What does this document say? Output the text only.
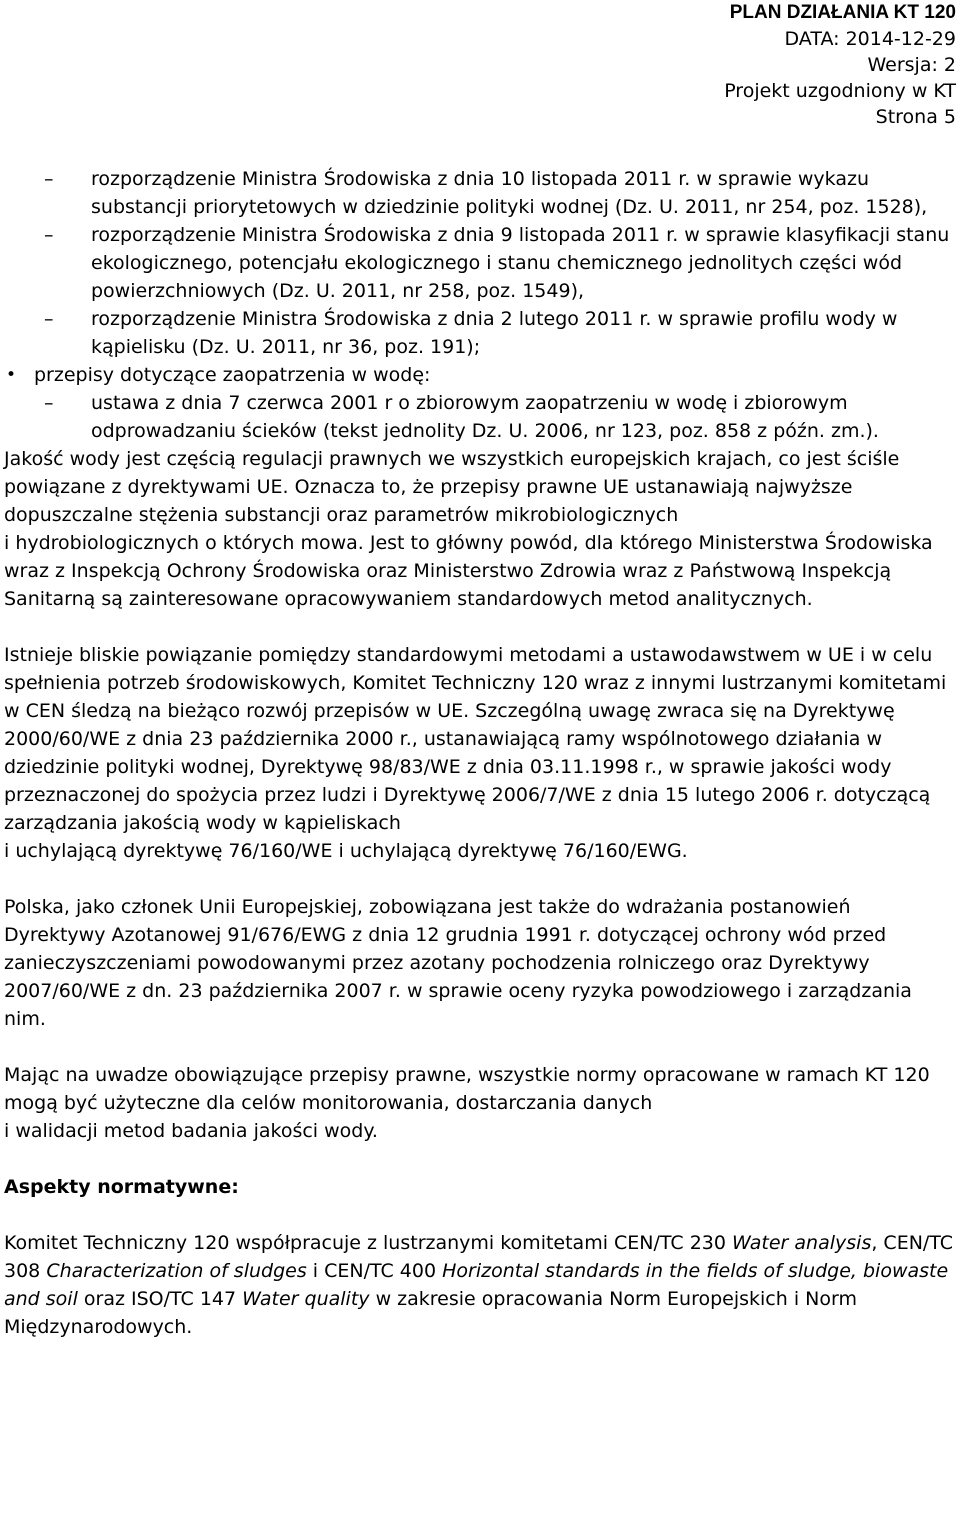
PLAN DZIAŁANIA KT 120
DATA: 2014-12-29
Wersja: 2
Projekt uzgodniony w KT
Strona 5
– rozporządzenie Ministra Środowiska z dnia 10 listopada 2011 r. w sprawie wykazu substancji priorytetowych w dziedzinie polityki wodnej (Dz. U. 2011, nr 254, poz. 1528),
– rozporządzenie Ministra Środowiska z dnia 9 listopada 2011 r. w sprawie klasyfikacji stanu ekologicznego, potencjału ekologicznego i stanu chemicznego jednolitych części wód powierzchniowych (Dz. U. 2011, nr 258, poz. 1549),
– rozporządzenie Ministra Środowiska z dnia 2 lutego 2011 r. w sprawie profilu wody w kąpielisku (Dz. U. 2011, nr 36, poz. 191);
• przepisy dotyczące zaopatrzenia w wodę:
– ustawa z dnia 7 czerwca 2001 r o zbiorowym zaopatrzeniu w wodę i zbiorowym odprowadzaniu ścieków (tekst jednolity Dz. U. 2006, nr 123, poz. 858 z późn. zm.).

Jakość wody jest częścią regulacji prawnych we wszystkich europejskich krajach, co jest ściśle powiązane z dyrektywami UE. Oznacza to, że przepisy prawne UE ustanawiają najwyższe dopuszczalne stężenia substancji oraz parametrów mikrobiologicznych

i hydrobiologicznych o których mowa. Jest to główny powód, dla którego Ministerstwa Środowiska wraz z Inspekcją Ochrony Środowiska oraz Ministerstwo Zdrowia wraz z Państwową Inspekcją Sanitarną są zainteresowane opracowywaniem standardowych metod analitycznych.

Istnieje bliskie powiązanie pomiędzy standardowymi metodami a ustawodawstwem w UE i w celu spełnienia potrzeb środowiskowych, Komitet Techniczny 120 wraz z innymi lustrzanymi komitetami w CEN śledzą na bieżąco rozwój przepisów w UE. Szczególną uwagę zwraca się na Dyrektywę 2000/60/WE z dnia 23 października 2000 r., ustanawiającą ramy wspólnotowego działania w dziedzinie polityki wodnej, Dyrektywę 98/83/WE z dnia 03.11.1998 r., w sprawie jakości wody przeznaczonej do spożycia przez ludzi i Dyrektywę 2006/7/WE z dnia 15 lutego 2006 r. dotyczącą zarządzania jakością wody w kąpieliskach

i uchylającą dyrektywę 76/160/WE i uchylającą dyrektywę 76/160/EWG.

Polska, jako członek Unii Europejskiej, zobowiązana jest także do wdrażania postanowień Dyrektywy Azotanowej 91/676/EWG z dnia 12 grudnia 1991 r. dotyczącej ochrony wód przed zanieczyszczeniami powodowanymi przez azotany pochodzenia rolniczego oraz Dyrektywy 2007/60/WE z dn. 23 października 2007 r. w sprawie oceny ryzyka powodziowego i zarządzania nim.

Mając na uwadze obowiązujące przepisy prawne, wszystkie normy opracowane w ramach KT 120 mogą być użyteczne dla celów monitorowania, dostarczania danych

i walidacji metod badania jakości wody.

Aspekty normatywne:

Komitet Techniczny 120 współpracuje z lustrzanymi komitetami CEN/TC 230 Water analysis, CEN/TC 308 Characterization of sludges i CEN/TC 400 Horizontal standards in the fields of sludge, biowaste and soil oraz ISO/TC 147 Water quality w zakresie opracowania Norm Europejskich i Norm Międzynarodowych.
